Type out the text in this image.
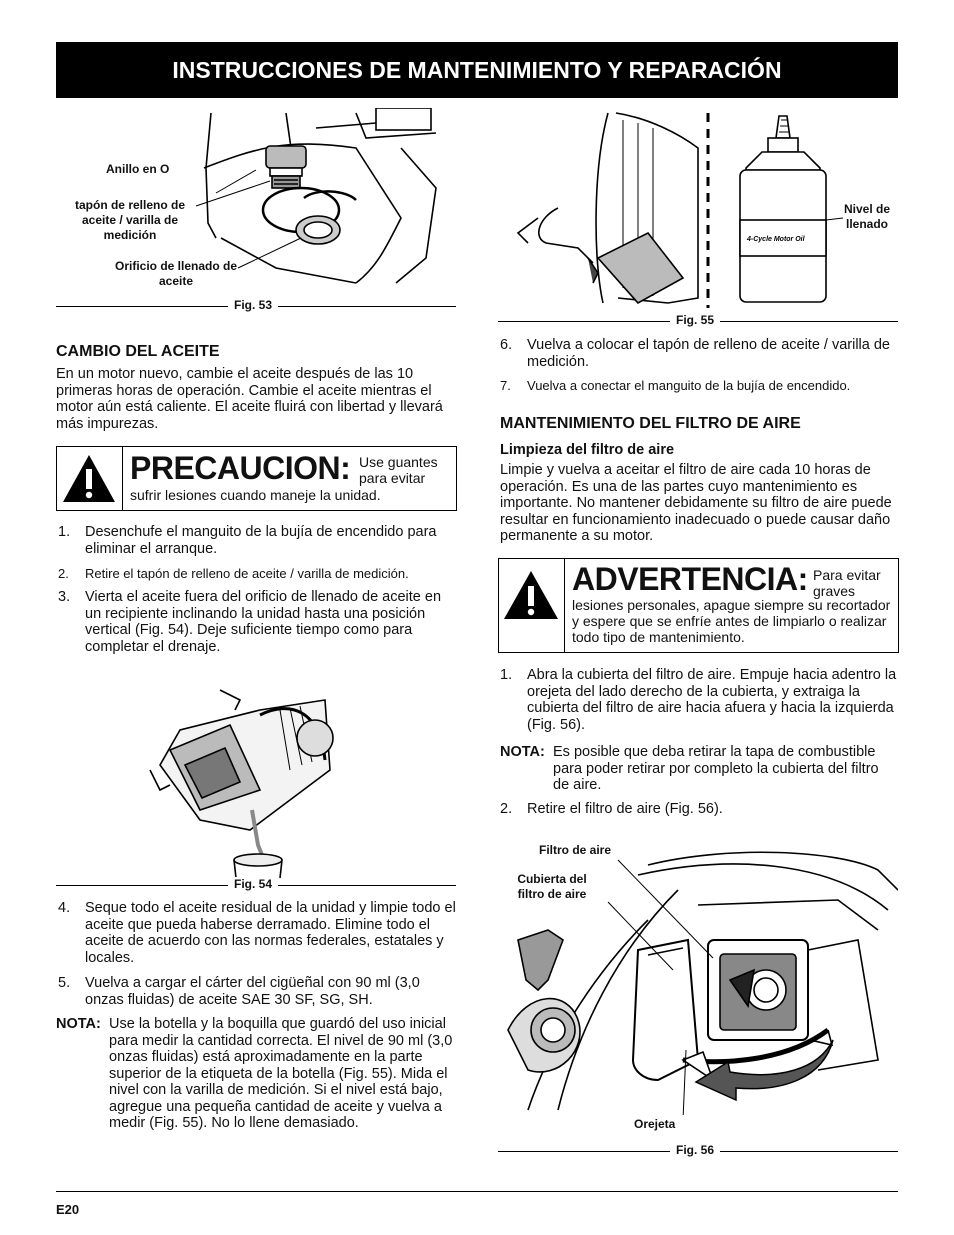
INSTRUCCIONES DE MANTENIMIENTO Y REPARACIÓN
Anillo en O
tapón de relleno de aceite / varilla de medición
Orificio de llenado de aceite
Fig. 53
CAMBIO DEL ACEITE

En un motor nuevo, cambie el aceite después de las 10 primeras horas de operación. Cambie el aceite mientras el motor aún está caliente. El aceite fluirá con libertad y llevará más impurezas.

PRECAUCION: Use guantes para evitar
sufrir lesiones cuando maneje la unidad.
1. Desenchufe el manguito de la bujía de encendido para eliminar el arranque.
2. Retire el tapón de relleno de aceite / varilla de medición.
3. Vierta el aceite fuera del orificio de llenado de aceite en un recipiente inclinando la unidad hasta una posición vertical (Fig. 54). Deje suficiente tiempo como para completar el drenaje.
Fig. 54
4. Seque todo el aceite residual de la unidad y limpie todo el aceite que pueda haberse derramado. Elimine todo el aceite de acuerdo con las normas federales, estatales y locales.
5. Vuelva a cargar el cárter del cigüeñal con 90 ml (3,0 onzas fluidas) de aceite SAE 30 SF, SG, SH.
NOTA: Use la botella y la boquilla que guardó del uso inicial para medir la cantidad correcta. El nivel de 90 ml (3,0 onzas fluidas) está aproximadamente en la parte superior de la etiqueta de la botella (Fig. 55). Mida el nivel con la varilla de medición. Si el nivel está bajo, agregue una pequeña cantidad de aceite y vuelva a medir (Fig. 55). No lo llene demasiado.
4-Cycle Motor Oil
Nivel de llenado
Fig. 55
6. Vuelva a colocar el tapón de relleno de aceite / varilla de medición.
7. Vuelva a conectar el manguito de la bujía de encendido.
MANTENIMIENTO DEL FILTRO DE AIRE
Limpieza del filtro de aire

Limpie y vuelva a aceitar el filtro de aire cada 10 horas de operación. Es una de las partes cuyo mantenimiento es importante. No mantener debidamente su filtro de aire puede resultar en funcionamiento inadecuado o puede causar daño permanente a su motor.

ADVERTENCIA: Para evitar graves
lesiones personales, apague siempre su recortador y espere que se enfríe antes de limpiarlo o realizar todo tipo de mantenimiento.
1. Abra la cubierta del filtro de aire. Empuje hacia adentro la orejeta del lado derecho de la cubierta, y extraiga la cubierta del filtro de aire hacia afuera y hacia la izquierda (Fig. 56).
NOTA: Es posible que deba retirar la tapa de combustible para poder retirar por completo la cubierta del filtro de aire.
2. Retire el filtro de aire (Fig. 56).
Filtro de aire
Cubierta del filtro de aire
Orejeta
Fig. 56
E20
